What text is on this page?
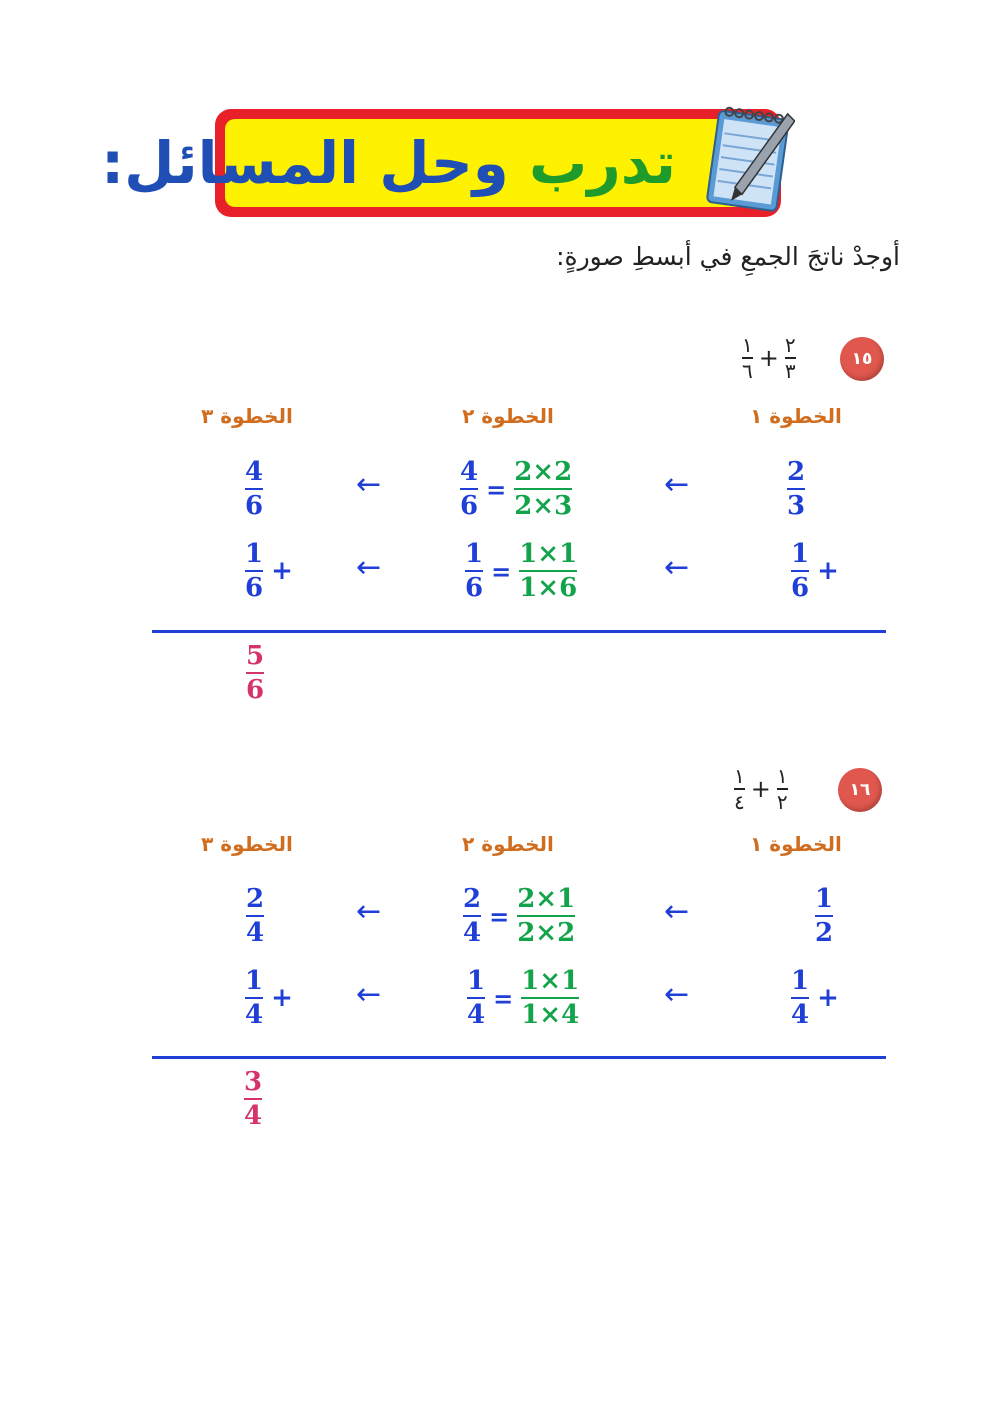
تدرب وحل المسائل:
أوجدْ ناتجَ الجمعِ في أبسطِ صورةٍ:
١٥
١
٦ + ٢
٣
الخطوة ١
الخطوة ٢
الخطوة ٣
$\frac{2}{3}$
←
$\frac{4}{6} = \frac{2\times 2}{2\times 3}$
←
$\frac{4}{6}$
$\frac{1}{6}$ +
←
$\frac{1}{6} = \frac{1\times 1}{1\times 6}$
←
$\frac{1}{6}$ +
$\frac{5}{6}$
١٦
١
٤ + ١
٢
الخطوة ١
الخطوة ٢
الخطوة ٣
$\frac{1}{2}$
←
$\frac{2}{4} = \frac{2\times 1}{2\times 2}$
←
$\frac{2}{4}$
$\frac{1}{4}$ +
←
$\frac{1}{4} = \frac{1\times 1}{1\times 4}$
←
$\frac{1}{4}$ +
$\frac{3}{4}$
